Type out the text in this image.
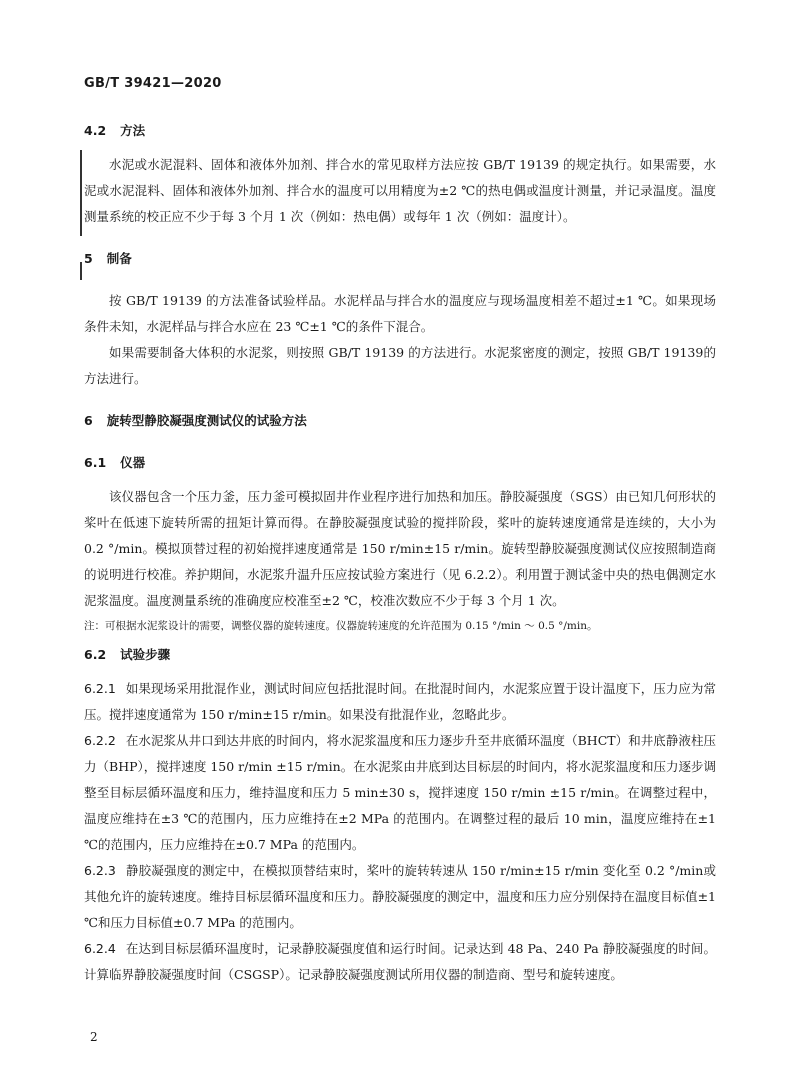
GB/T 39421—2020
4.2 方法

水泥或水泥混料、固体和液体外加剂、拌合水的常见取样方法应按 GB/T 19139 的规定执行。如果需要，水泥或水泥混料、固体和液体外加剂、拌合水的温度可以用精度为±2 ℃的热电偶或温度计测量，并记录温度。温度测量系统的校正应不少于每 3 个月 1 次（例如：热电偶）或每年 1 次（例如：温度计）。

5 制备

按 GB/T 19139 的方法准备试验样品。水泥样品与拌合水的温度应与现场温度相差不超过±1 ℃。如果现场条件未知，水泥样品与拌合水应在 23 ℃±1 ℃的条件下混合。

如果需要制备大体积的水泥浆，则按照 GB/T 19139 的方法进行。水泥浆密度的测定，按照 GB/T 19139的方法进行。

6 旋转型静胶凝强度测试仪的试验方法
6.1 仪器

该仪器包含一个压力釜，压力釜可模拟固井作业程序进行加热和加压。静胶凝强度（SGS）由已知几何形状的桨叶在低速下旋转所需的扭矩计算而得。在静胶凝强度试验的搅拌阶段，桨叶的旋转速度通常是连续的，大小为 0.2 °/min。模拟顶替过程的初始搅拌速度通常是 150 r/min±15 r/min。旋转型静胶凝强度测试仪应按照制造商的说明进行校准。养护期间，水泥浆升温升压应按试验方案进行（见 6.2.2）。利用置于测试釜中央的热电偶测定水泥浆温度。温度测量系统的准确度应校准至±2 ℃，校准次数应不少于每 3 个月 1 次。

注：可根据水泥浆设计的需要，调整仪器的旋转速度。仪器旋转速度的允许范围为 0.15 °/min ～ 0.5 °/min。

6.2 试验步骤

6.2.1 如果现场采用批混作业，测试时间应包括批混时间。在批混时间内，水泥浆应置于设计温度下，压力应为常压。搅拌速度通常为 150 r/min±15 r/min。如果没有批混作业，忽略此步。

6.2.2 在水泥浆从井口到达井底的时间内，将水泥浆温度和压力逐步升至井底循环温度（BHCT）和井底静液柱压力（BHP），搅拌速度 150 r/min ±15 r/min。在水泥浆由井底到达目标层的时间内，将水泥浆温度和压力逐步调整至目标层循环温度和压力，维持温度和压力 5 min±30 s，搅拌速度 150 r/min ±15 r/min。在调整过程中，温度应维持在±3 ℃的范围内，压力应维持在±2 MPa 的范围内。在调整过程的最后 10 min，温度应维持在±1 ℃的范围内，压力应维持在±0.7 MPa 的范围内。

6.2.3 静胶凝强度的测定中，在模拟顶替结束时，桨叶的旋转转速从 150 r/min±15 r/min 变化至 0.2 °/min或其他允许的旋转速度。维持目标层循环温度和压力。静胶凝强度的测定中，温度和压力应分别保持在温度目标值±1 ℃和压力目标值±0.7 MPa 的范围内。

6.2.4 在达到目标层循环温度时，记录静胶凝强度值和运行时间。记录达到 48 Pa、240 Pa 静胶凝强度的时间。计算临界静胶凝强度时间（CSGSP）。记录静胶凝强度测试所用仪器的制造商、型号和旋转速度。

2
